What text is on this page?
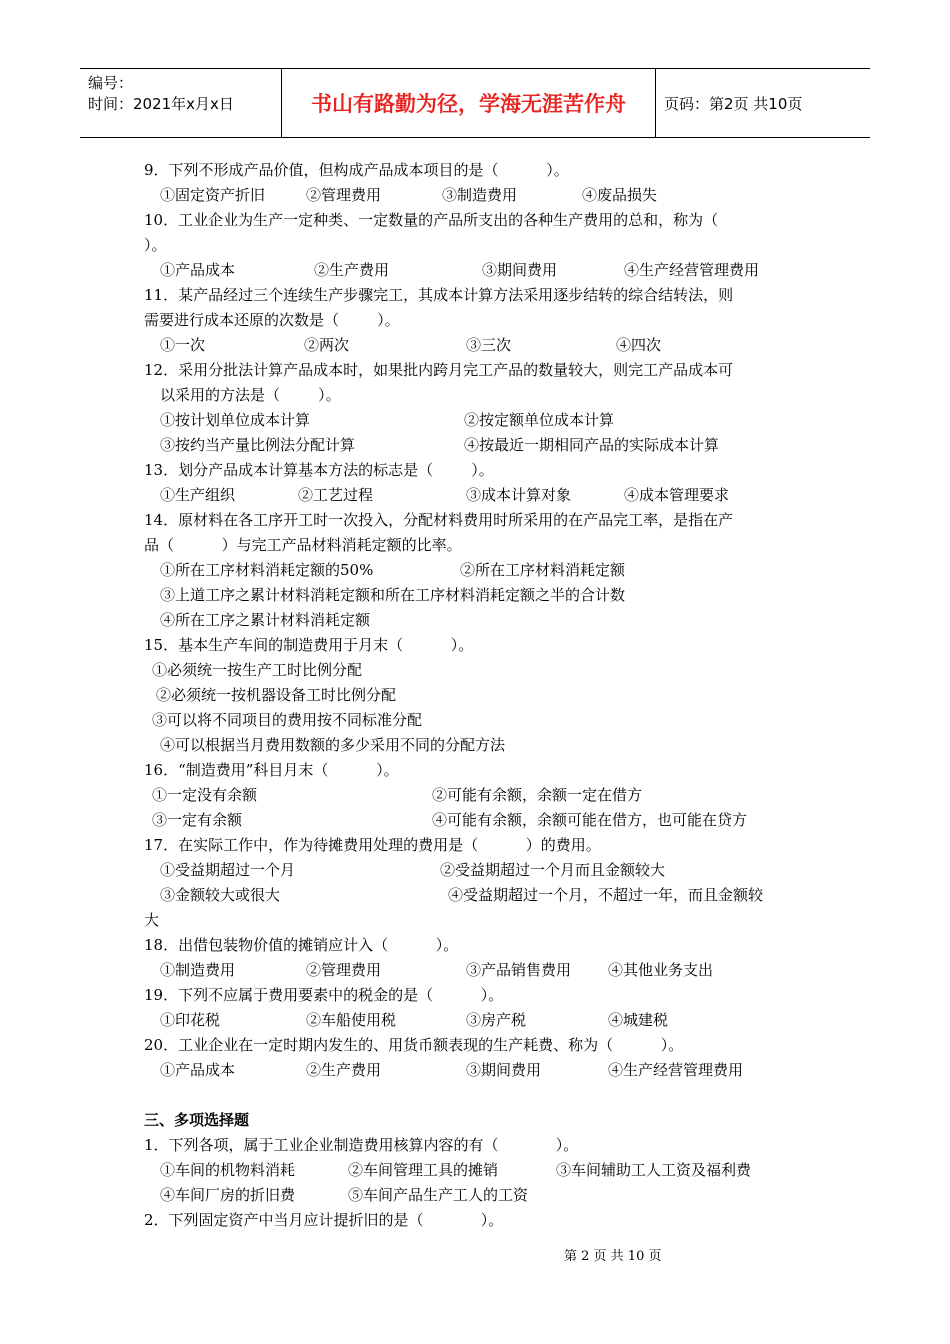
编号：
时间：2021年x月x日	书山有路勤为径，学海无涯苦作舟	页码：第2页 共10页
9．下列不形成产品价值，但构成产品成本项目的是（          ）。
①固定资产折旧	②管理费用	③制造费用	④废品损失
10．工业企业为生产一定种类、一定数量的产品所支出的各种生产费用的总和，称为（
）。
①产品成本	②生产费用	③期间费用	④生产经营管理费用
11．某产品经过三个连续生产步骤完工，其成本计算方法采用逐步结转的综合结转法，则
需要进行成本还原的次数是（        ）。
①一次	②两次	③三次	④四次
12．采用分批法计算产品成本时，如果批内跨月完工产品的数量较大，则完工产品成本可
以采用的方法是（        ）。
①按计划单位成本计算	②按定额单位成本计算
③按约当产量比例法分配计算	④按最近一期相同产品的实际成本计算
13．划分产品成本计算基本方法的标志是（        ）。
①生产组织	②工艺过程	③成本计算对象	④成本管理要求
14．原材料在各工序开工时一次投入，分配材料费用时所采用的在产品完工率，是指在产
品（          ）与完工产品材料消耗定额的比率。
①所在工序材料消耗定额的50%	②所在工序材料消耗定额
③上道工序之累计材料消耗定额和所在工序材料消耗定额之半的合计数
④所在工序之累计材料消耗定额
15．基本生产车间的制造费用于月末（          ）。
①必须统一按生产工时比例分配
②必须统一按机器设备工时比例分配
③可以将不同项目的费用按不同标准分配
④可以根据当月费用数额的多少采用不同的分配方法
16．“制造费用”科目月末（          ）。
①一定没有余额	②可能有余额，余额一定在借方
③一定有余额	④可能有余额，余额可能在借方，也可能在贷方
17．在实际工作中，作为待摊费用处理的费用是（          ）的费用。
①受益期超过一个月	②受益期超过一个月而且金额较大
③金额较大或很大	④受益期超过一个月，不超过一年，而且金额较
大
18．出借包装物价值的摊销应计入（          ）。
①制造费用	②管理费用	③产品销售费用 ④其他业务支出
19．下列不应属于费用要素中的税金的是（          ）。
①印花税	②车船使用税	③房产税	④城建税
20．工业企业在一定时期内发生的、用货币额表现的生产耗费、称为（          ）。
①产品成本	②生产费用	③期间费用	④生产经营管理费用
三、多项选择题
1．下列各项，属于工业企业制造费用核算内容的有（            ）。
①车间的机物料消耗	②车间管理工具的摊销	③车间辅助工人工资及福利费
④车间厂房的折旧费	⑤车间产品生产工人的工资
2．下列固定资产中当月应计提折旧的是（            ）。
第 2 页 共 10 页
